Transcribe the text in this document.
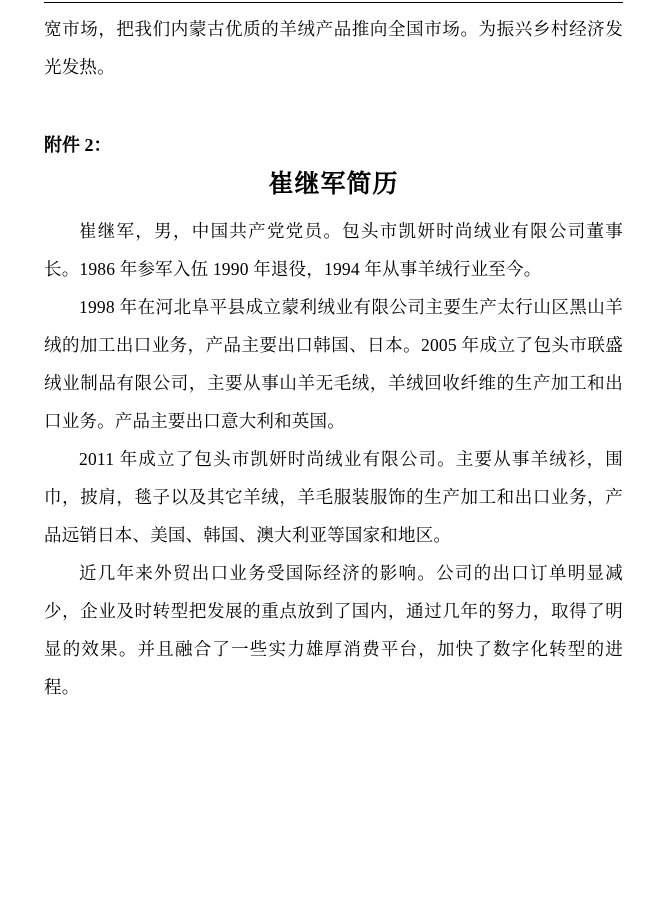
宽市场，把我们内蒙古优质的羊绒产品推向全国市场。为振兴乡村经济发光发热。

附件 2：

崔继军简历

崔继军，男，中国共产党党员。包头市凯妍时尚绒业有限公司董事长。1986 年参军入伍 1990 年退役，1994 年从事羊绒行业至今。

1998 年在河北阜平县成立蒙利绒业有限公司主要生产太行山区黑山羊绒的加工出口业务，产品主要出口韩国、日本。2005 年成立了包头市联盛绒业制品有限公司，主要从事山羊无毛绒，羊绒回收纤维的生产加工和出口业务。产品主要出口意大利和英国。

2011 年成立了包头市凯妍时尚绒业有限公司。主要从事羊绒衫，围巾，披肩，毯子以及其它羊绒，羊毛服装服饰的生产加工和出口业务，产品远销日本、美国、韩国、澳大利亚等国家和地区。

近几年来外贸出口业务受国际经济的影响。公司的出口订单明显减少，企业及时转型把发展的重点放到了国内，通过几年的努力，取得了明显的效果。并且融合了一些实力雄厚消费平台，加快了数字化转型的进程。
